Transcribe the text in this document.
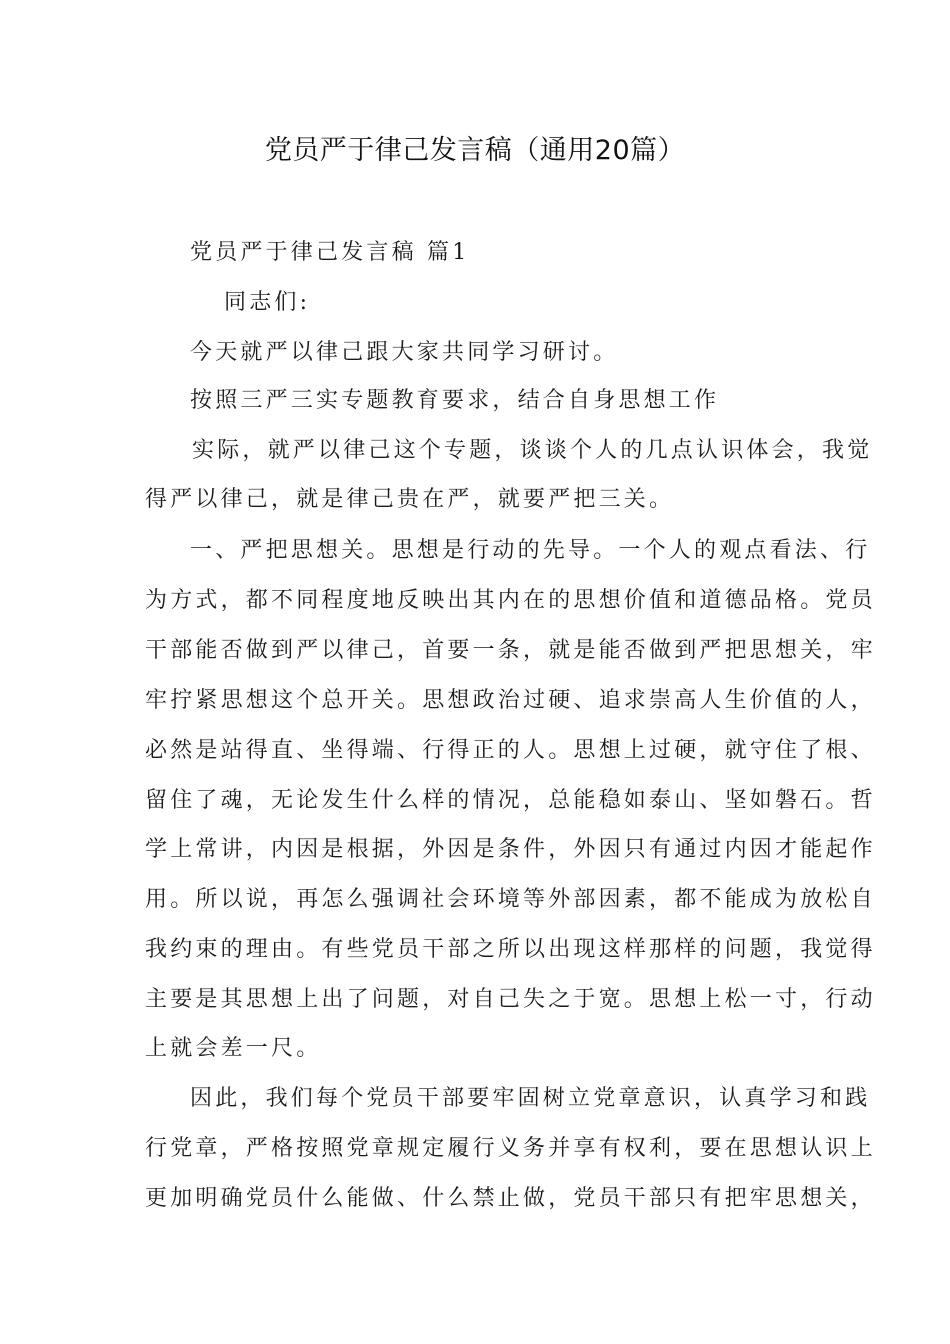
党员严于律己发言稿（通用20篇）
党员严于律己发言稿 篇1
同志们:
今天就严以律己跟大家共同学习研讨。
按照三严三实专题教育要求，结合自身思想工作
实际，就严以律己这个专题，谈谈个人的几点认识体会，我觉
得严以律己，就是律己贵在严，就要严把三关。
一、严把思想关。思想是行动的先导。一个人的观点看法、行
为方式，都不同程度地反映出其内在的思想价值和道德品格。党员
干部能否做到严以律己，首要一条，就是能否做到严把思想关，牢
牢拧紧思想这个总开关。思想政治过硬、追求崇高人生价值的人，
必然是站得直、坐得端、行得正的人。思想上过硬，就守住了根、
留住了魂，无论发生什么样的情况，总能稳如泰山、坚如磐石。哲
学上常讲，内因是根据，外因是条件，外因只有通过内因才能起作
用。所以说，再怎么强调社会环境等外部因素，都不能成为放松自
我约束的理由。有些党员干部之所以出现这样那样的问题，我觉得
主要是其思想上出了问题，对自己失之于宽。思想上松一寸，行动
上就会差一尺。
因此，我们每个党员干部要牢固树立党章意识，认真学习和践
行党章，严格按照党章规定履行义务并享有权利，要在思想认识上
更加明确党员什么能做、什么禁止做，党员干部只有把牢思想关，
